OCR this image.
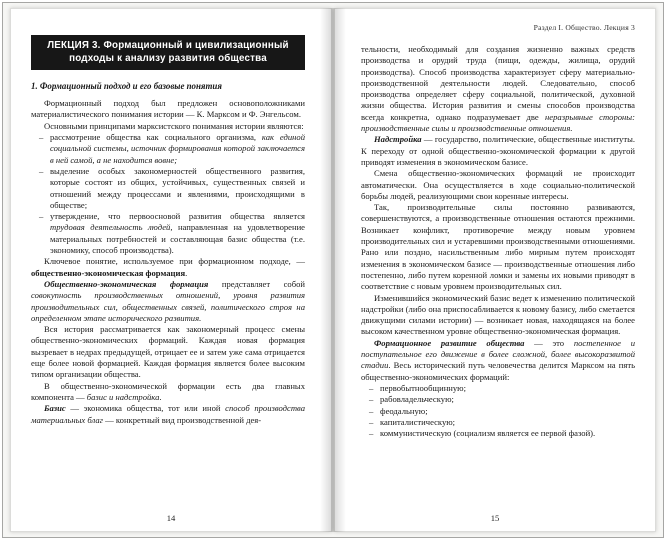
ЛЕКЦИЯ 3. Формационный и цивилизационный подходы к анализу развития общества
1. Формационный подход и его базовые понятия
Формационный подход был предложен основоположниками материалистического понимания истории — К. Марксом и Ф. Энгельсом.
Основными принципами марксистского понимания истории являются:
– рассмотрение общества как социального организма, как единой социальной системы, источник формирования которой заключается в ней самой, а не находится вовне;
– выделение особых закономерностей общественного развития, которые состоят из общих, устойчивых, существенных связей и отношений между процессами и явлениями, происходящими в обществе;
– утверждение, что первоосновой развития общества является трудовая деятельность людей, направленная на удовлетворение материальных потребностей и составляющая базис общества (т.е. экономику, способ производства).
Ключевое понятие, используемое при формационном подходе, — общественно-экономическая формация.
Общественно-экономическая формация представляет собой совокупность производственных отношений, уровня развития производительных сил, общественных связей, политического строя на определенном этапе исторического развития.
Вся история рассматривается как закономерный процесс смены общественно-экономических формаций. Каждая новая формация вызревает в недрах предыдущей, отрицает ее и затем уже сама отрицается еще более новой формацией. Каждая формация является более высоким типом организации общества.
В общественно-экономической формации есть два главных компонента — базис и надстройка.
Базис — экономика общества, тот или иной способ производства материальных благ — конкретный вид производственной дея-
14
Раздел I. Общество. Лекция 3
тельности, необходимый для создания жизненно важных средств производства и орудий труда (пищи, одежды, жилища, орудий производства). Способ производства характеризует сферу материально-производственной деятельности людей. Следовательно, способ производства определяет сферу социальной, политической, духовной жизни общества. История развития и смены способов производства всегда конкретна, однако подразумевает две неразрывные стороны: производственные силы и производственные отношения.
Надстройка — государство, политические, общественные институты. К переходу от одной общественно-экономической формации к другой приводят изменения в экономическом базисе.
Смена общественно-экономических формаций не происходит автоматически. Она осуществляется в ходе социально-политической борьбы людей, реализующими свои коренные интересы.
Так, производительные силы постоянно развиваются, совершенствуются, а производственные отношения остаются прежними. Возникает конфликт, противоречие между новым уровнем производительных сил и устаревшими производственными отношениями. Рано или поздно, насильственным либо мирным путем происходят изменения в экономическом базисе — производственные отношения либо постепенно, либо путем коренной ломки и замены их новыми приводят в соответствие с новым уровнем производительных сил.
Изменившийся экономический базис ведет к изменению политической надстройки (либо она приспосабливается к новому базису, либо сметается движущими силами истории) — возникает новая, находящаяся на более высоком качественном уровне общественно-экономическая формация.
Формационное развитие общества — это постепенное и поступательное его движение в более сложной, более высокоразвитой стадии. Весь исторический путь человечества делится Марксом на пять общественно-экономических формаций:
– первобытнообщинную;
– рабовладельческую;
– феодальную;
– капиталистическую;
– коммунистическую (социализм является ее первой фазой).
15
